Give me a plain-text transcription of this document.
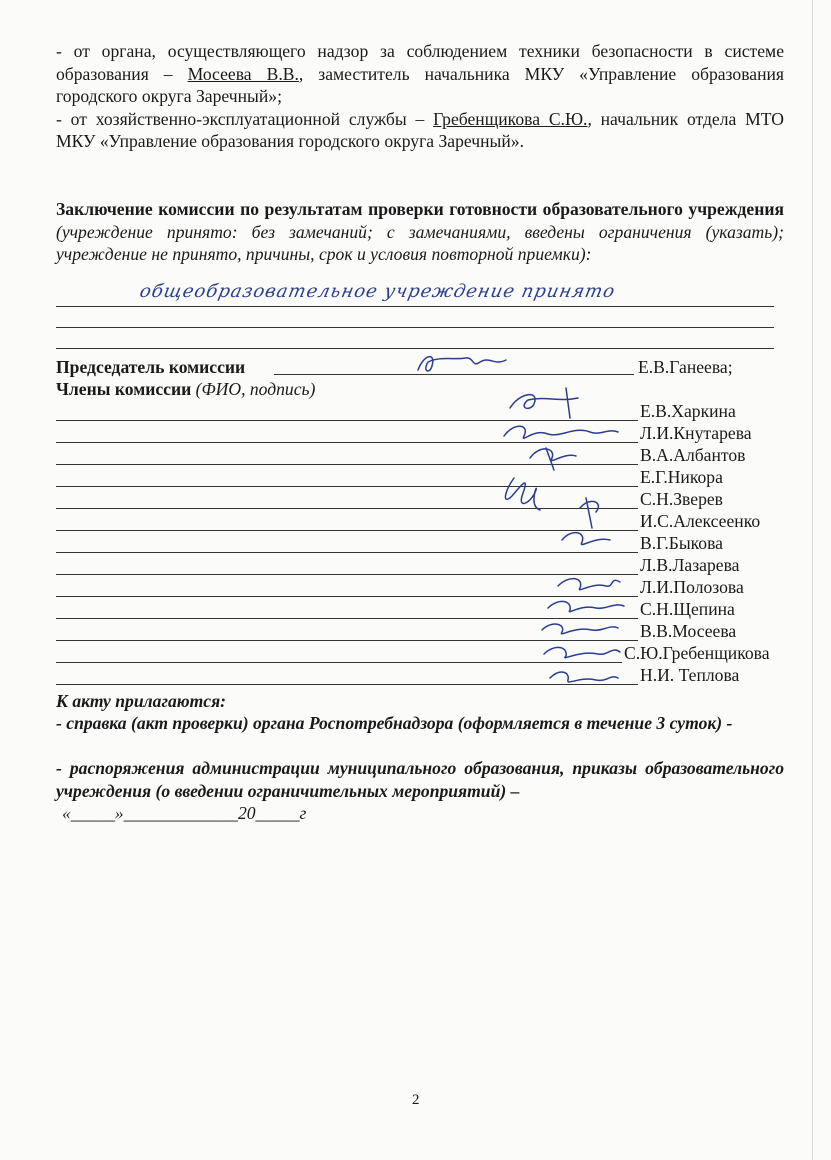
- от органа, осуществляющего надзор за соблюдением техники безопасности в системе образования – Мосеева В.В., заместитель начальника МКУ «Управление образования городского округа Заречный»;
- от хозяйственно-эксплуатационной службы – Гребенщикова С.Ю., начальник отдела МТО МКУ «Управление образования городского округа Заречный».
Заключение комиссии по результатам проверки готовности образовательного учреждения (учреждение принято: без замечаний; с замечаниями, введены ограничения (указать); учреждение не принято, причины, срок и условия повторной приемки):
общеобразовательное учреждение принято
Председатель комиссии	Е.В.Ганеева;
Члены комиссии (ФИО, подпись)
Е.В.Харкина
Л.И.Кнутарева
В.А.Албантов
Е.Г.Никора
С.Н.Зверев
И.С.Алексеенко
В.Г.Быкова
Л.В.Лазарева
Л.И.Полозова
С.Н.Щепина
В.В.Мосеева
С.Ю.Гребенщикова
Н.И. Теплова
К акту прилагаются:
- справка (акт проверки) органа Роспотребнадзора (оформляется в течение 3 суток) -
- распоряжения администрации муниципального образования, приказы образовательного учреждения (о введении ограничительных мероприятий) –
«_____»_____________20_____г
2
